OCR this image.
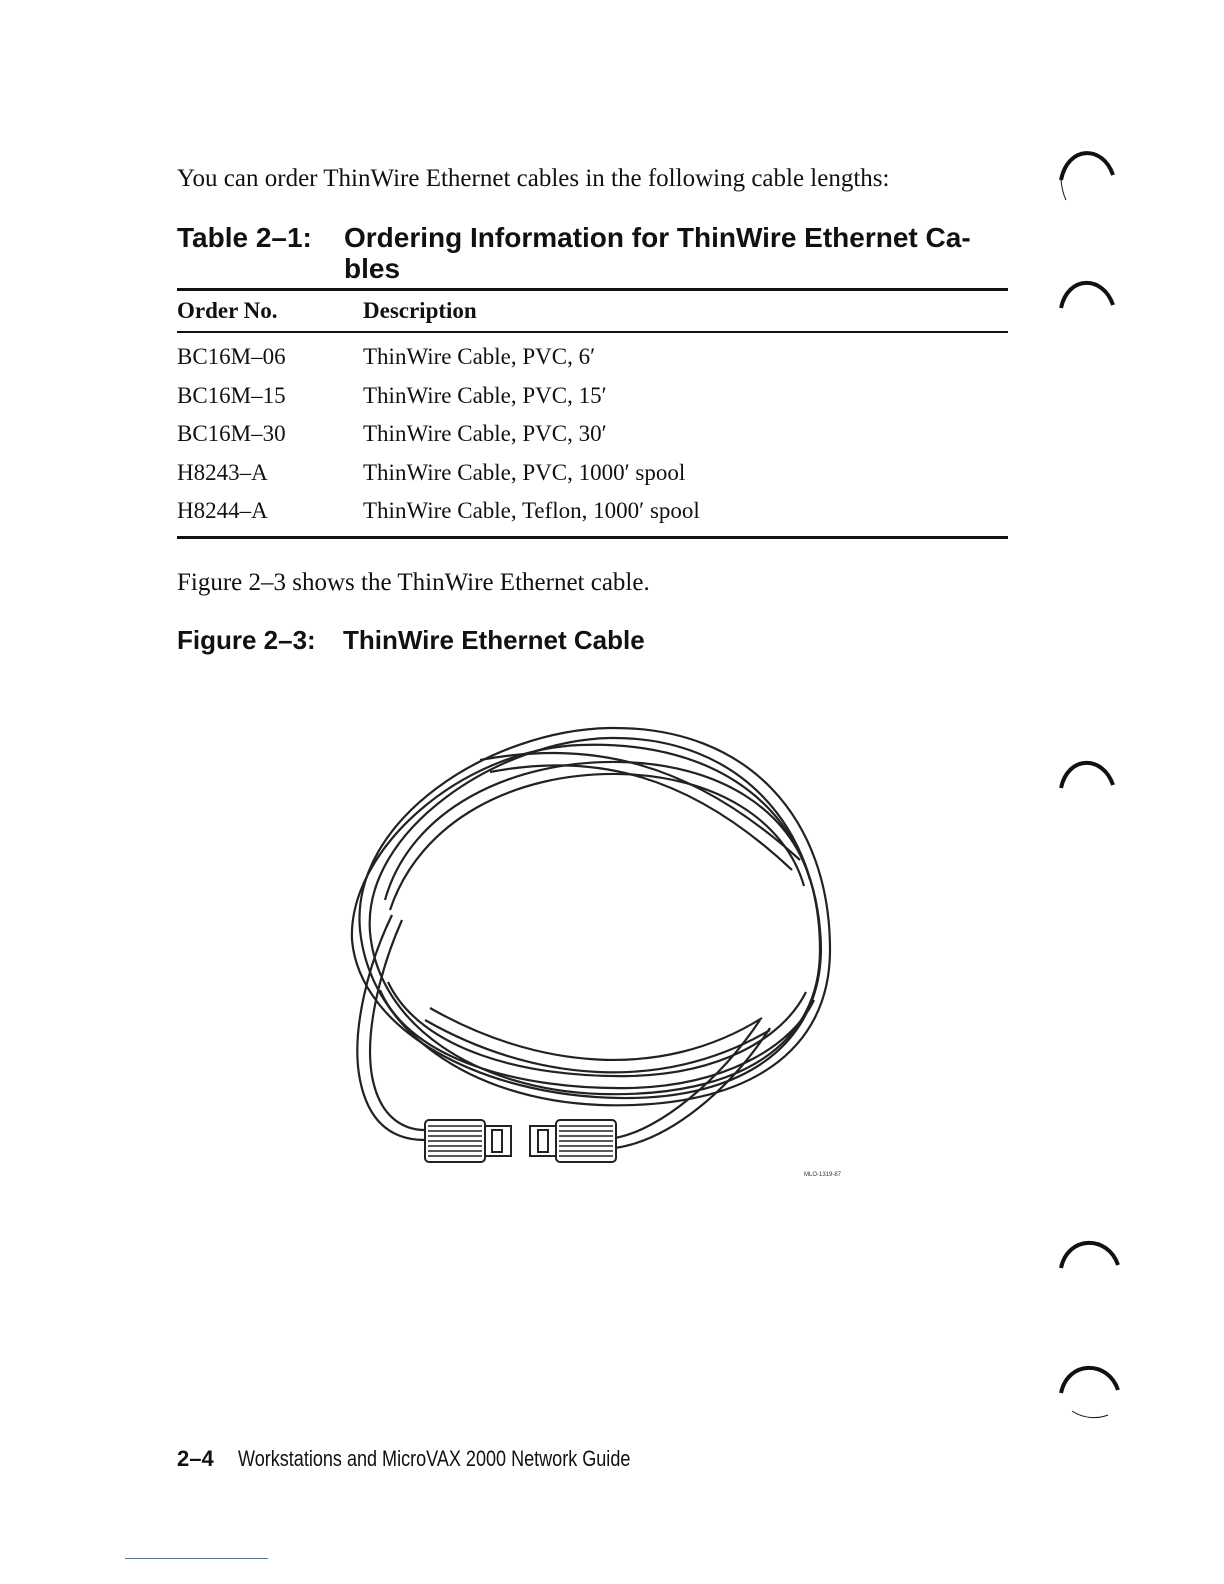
You can order ThinWire Ethernet cables in the following cable lengths:
Table 2–1:	Ordering Information for ThinWire Ethernet Ca- bles
Order No.	Description
BC16M–06	ThinWire Cable, PVC, 6′
BC16M–15	ThinWire Cable, PVC, 15′
BC16M–30	ThinWire Cable, PVC, 30′
H8243–A	ThinWire Cable, PVC, 1000′ spool
H8244–A	ThinWire Cable, Teflon, 1000′ spool
Figure 2–3 shows the ThinWire Ethernet cable.
Figure 2–3:	ThinWire Ethernet Cable
MLO-1319-87
2–4 Workstations and MicroVAX 2000 Network Guide
